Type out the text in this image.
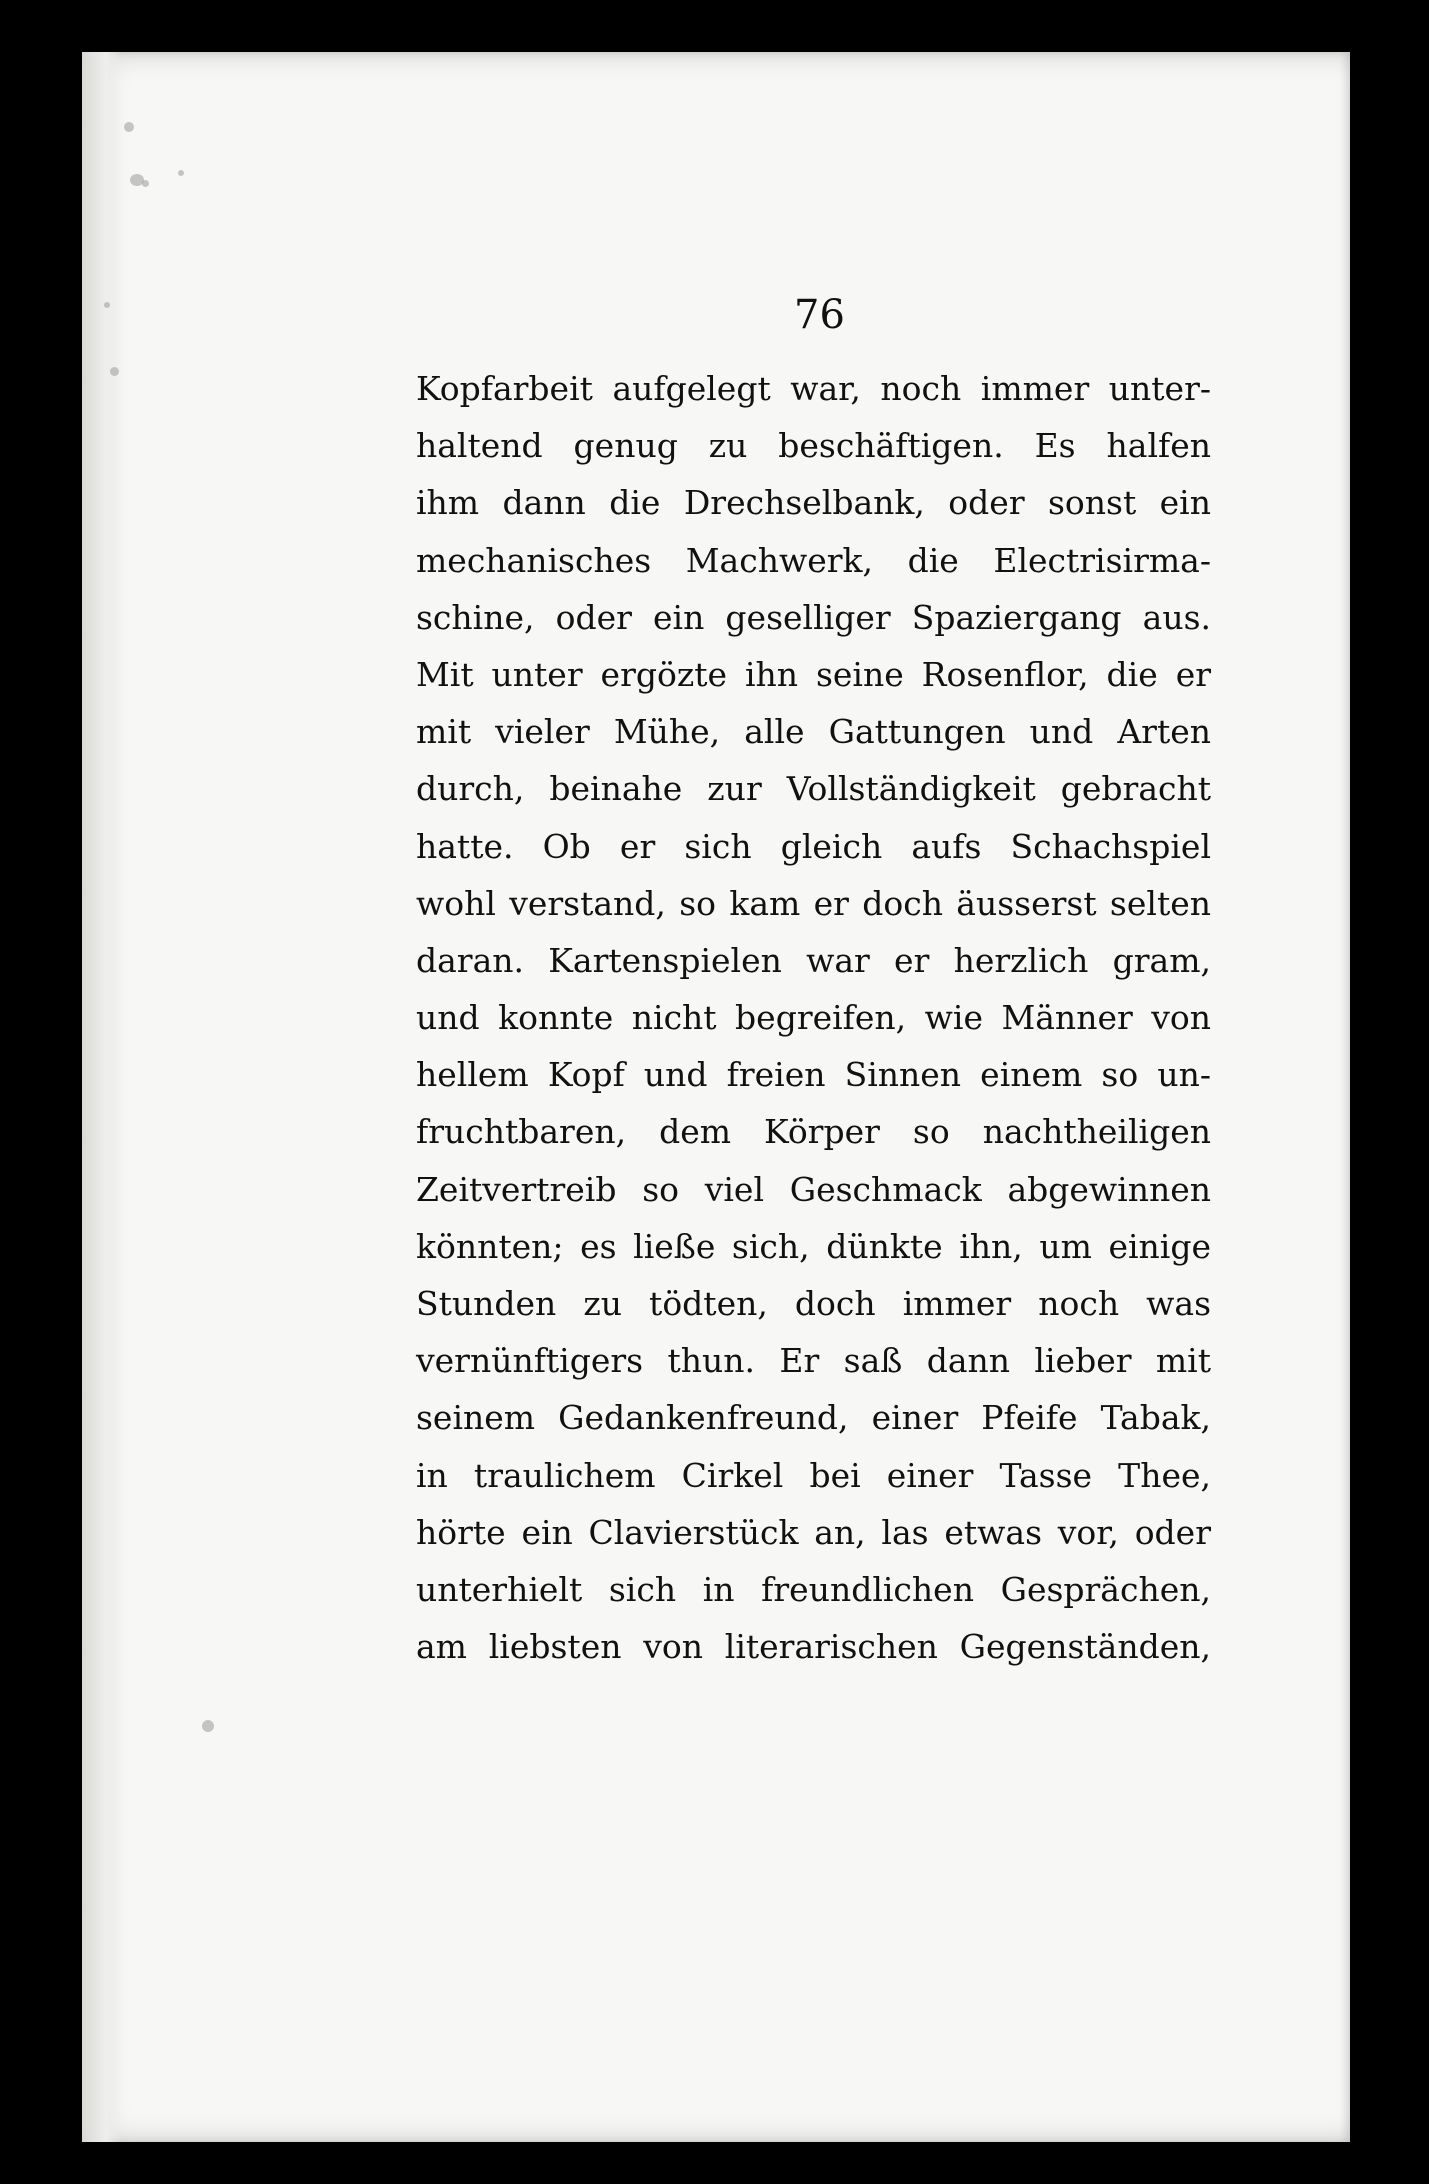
76
Kopfarbeit aufgelegt war, noch immer unter-
haltend genug zu beschäftigen. Es halfen
ihm dann die Drechselbank, oder sonst ein
mechanisches Machwerk, die Electrisirma-
schine, oder ein geselliger Spaziergang aus.
Mit unter ergözte ihn seine Rosenflor, die er
mit vieler Mühe, alle Gattungen und Arten
durch, beinahe zur Vollständigkeit gebracht
hatte. Ob er sich gleich aufs Schachspiel
wohl verstand, so kam er doch äusserst selten
daran. Kartenspielen war er herzlich gram,
und konnte nicht begreifen, wie Männer von
hellem Kopf und freien Sinnen einem so un-
fruchtbaren, dem Körper so nachtheiligen
Zeitvertreib so viel Geschmack abgewinnen
könnten; es ließe sich, dünkte ihn, um einige
Stunden zu tödten, doch immer noch was
vernünftigers thun. Er saß dann lieber mit
seinem Gedankenfreund, einer Pfeife Tabak,
in traulichem Cirkel bei einer Tasse Thee,
hörte ein Clavierstück an, las etwas vor, oder
unterhielt sich in freundlichen Gesprächen,
am liebsten von literarischen Gegenständen,
